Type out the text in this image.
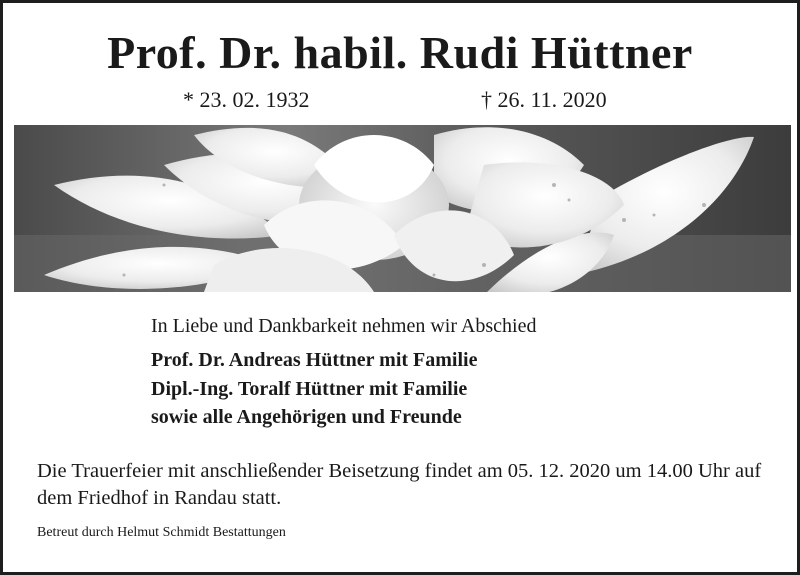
Prof. Dr. habil. Rudi Hüttner
* 23. 02. 1932	† 26. 11. 2020
In Liebe und Dankbarkeit nehmen wir Abschied
Prof. Dr. Andreas Hüttner mit Familie
Dipl.-Ing. Toralf Hüttner mit Familie
sowie alle Angehörigen und Freunde
Die Trauerfeier mit anschließender Beisetzung findet am 05. 12. 2020 um 14.00 Uhr auf dem Friedhof in Randau statt.
Betreut durch Helmut Schmidt Bestattungen
